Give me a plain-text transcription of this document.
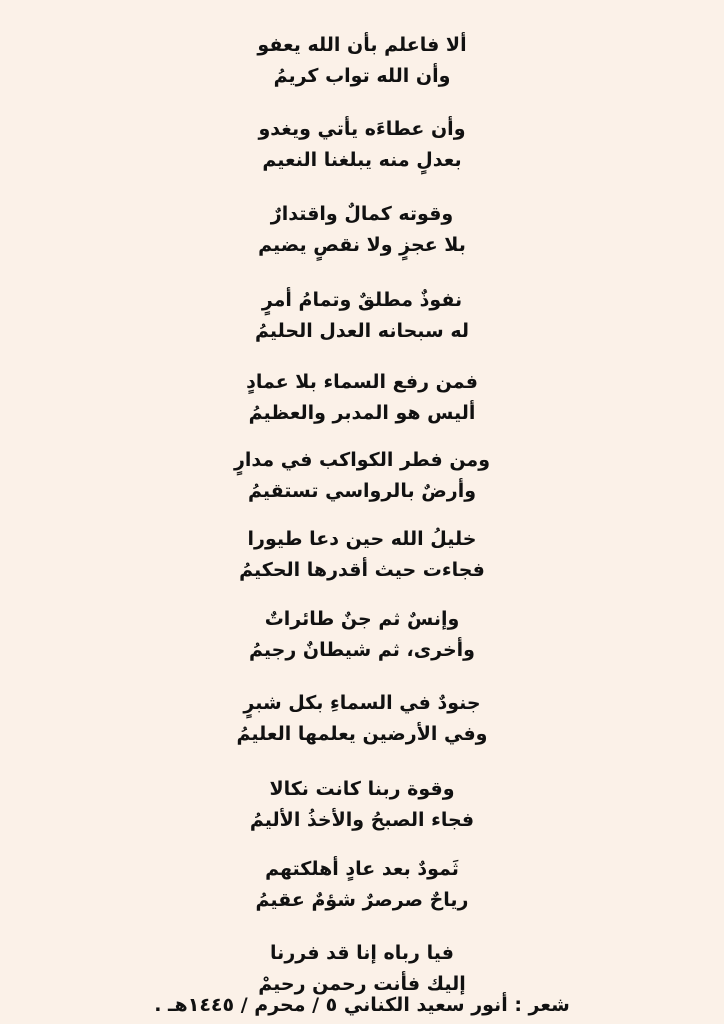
ألا فاعلم بأن الله يعفو
وأن الله تواب كريمُ
وأن عطاءَه يأتي ويغدو
بعدلٍ منه يبلغنا النعيم
وقوته كمالٌ واقتدارٌ
بلا عجزٍ ولا نقصٍ يضيم
نفوذٌ مطلقٌ وتمامُ أمرٍ
له سبحانه العدل الحليمُ
فمن رفع السماء بلا عمادٍ
أليس هو المدبر والعظيمُ
ومن فطر الكواكب في مدارٍ
وأرضٌ بالرواسي تستقيمُ
خليلُ الله حين دعا طيورا
فجاءت حيث أقدرها الحكيمُ
وإنسٌ ثم جنٌ طائراتٌ
وأخرى، ثم شيطانٌ رجيمُ
جنودٌ في السماءِ بكل شبرٍ
وفي الأرضين يعلمها العليمُ
وقوة ربنا كانت نكالا
فجاء الصبحُ والأخذُ الأليمُ
ثَمودٌ بعد عادٍ أهلكتهم
رياحٌ صرصرٌ شؤمٌ عقيمُ
فيا رباه إنا قد فررنا
إليك فأنت رحمن رحيمْ
شعر : أنور سعيد الكناني ٥ / محرم / ١٤٤٥هـ .
